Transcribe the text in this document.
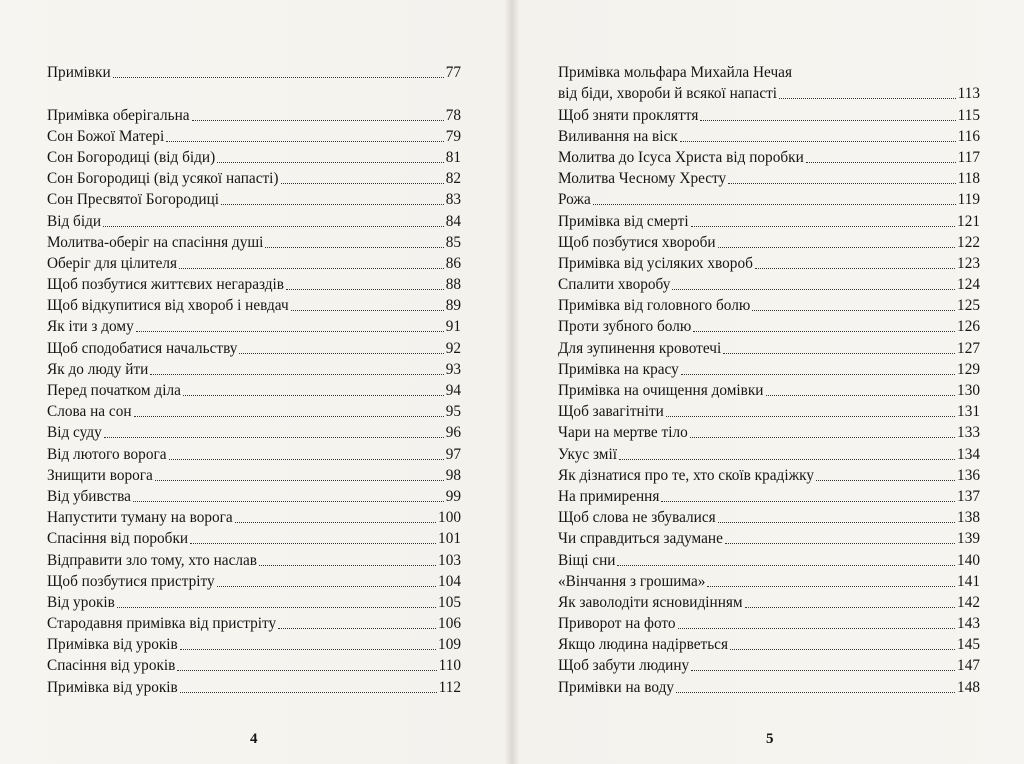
Примівки	77
Примівка оберігальна	78
Сон Божої Матері	79
Сон Богородиці (від біди)	81
Сон Богородиці (від усякої напасті)	82
Сон Пресвятої Богородиці	83
Від біди	84
Молитва-оберіг на спасіння душі	85
Оберіг для цілителя	86
Щоб позбутися життєвих негараздів	88
Щоб відкупитися від хвороб і невдач	89
Як іти з дому	91
Щоб сподобатися начальству	92
Як до люду йти	93
Перед початком діла	94
Слова на сон	95
Від суду	96
Від лютого ворога	97
Знищити ворога	98
Від убивства	99
Напустити туману на ворога	100
Спасіння від поробки	101
Відправити зло тому, хто наслав	103
Щоб позбутися пристріту	104
Від уроків	105
Стародавня примівка від пристріту	106
Примівка від уроків	109
Спасіння від уроків	110
Примівка від уроків	112
4
Примівка мольфара Михайла Нечая
від біди, хвороби й всякої напасті	113
Щоб зняти прокляття	115
Виливання на віск	116
Молитва до Ісуса Христа від поробки	117
Молитва Чесному Хресту	118
Рожа	119
Примівка від смерті	121
Щоб позбутися хвороби	122
Примівка від усіляких хвороб	123
Спалити хворобу	124
Примівка від головного болю	125
Проти зубного болю	126
Для зупинення кровотечі	127
Примівка на красу	129
Примівка на очищення домівки	130
Щоб завагітніти	131
Чари на мертве тіло	133
Укус змії	134
Як дізнатися про те, хто скоїв крадіжку	136
На примирення	137
Щоб слова не збувалися	138
Чи справдиться задумане	139
Віщі сни	140
«Вінчання з грошима»	141
Як заволодіти ясновидінням	142
Приворот на фото	143
Якщо людина надірветься	145
Щоб забути людину	147
Примівки на воду	148
5
